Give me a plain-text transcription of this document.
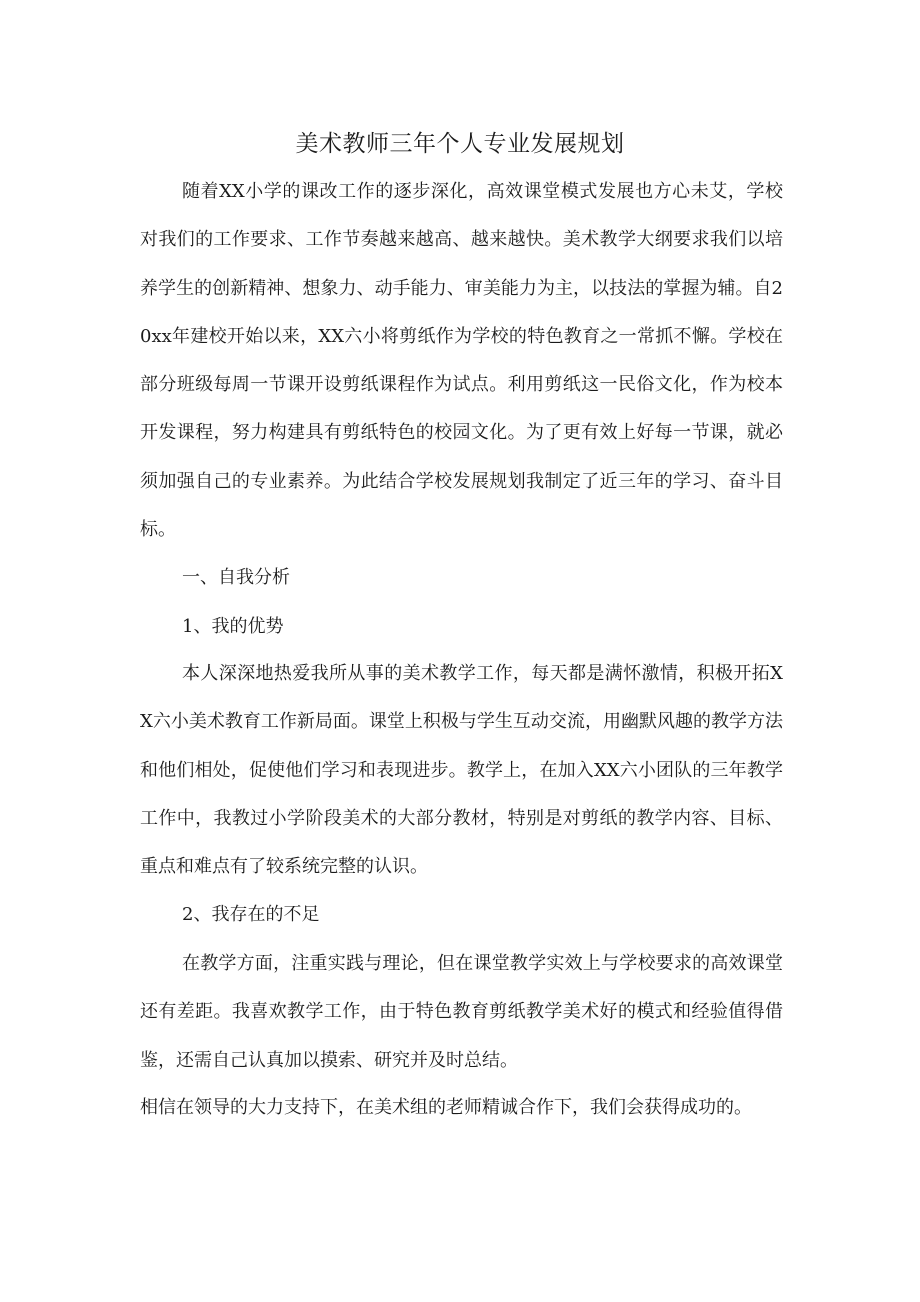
美术教师三年个人专业发展规划

随着XX小学的课改工作的逐步深化，高效课堂模式发展也方心未艾，学校对我们的工作要求、工作节奏越来越高、越来越快。美术教学大纲要求我们以培养学生的创新精神、想象力、动手能力、审美能力为主，以技法的掌握为辅。自20xx年建校开始以来，XX六小将剪纸作为学校的特色教育之一常抓不懈。学校在部分班级每周一节课开设剪纸课程作为试点。利用剪纸这一民俗文化，作为校本开发课程，努力构建具有剪纸特色的校园文化。为了更有效上好每一节课，就必须加强自己的专业素养。为此结合学校发展规划我制定了近三年的学习、奋斗目标。

一、自我分析
1、我的优势

本人深深地热爱我所从事的美术教学工作，每天都是满怀激情，积极开拓XX六小美术教育工作新局面。课堂上积极与学生互动交流，用幽默风趣的教学方法和他们相处，促使他们学习和表现进步。教学上，在加入XX六小团队的三年教学工作中，我教过小学阶段美术的大部分教材，特别是对剪纸的教学内容、目标、重点和难点有了较系统完整的认识。

2、我存在的不足

在教学方面，注重实践与理论，但在课堂教学实效上与学校要求的高效课堂还有差距。我喜欢教学工作，由于特色教育剪纸教学美术好的模式和经验值得借鉴，还需自己认真加以摸索、研究并及时总结。

相信在领导的大力支持下，在美术组的老师精诚合作下，我们会获得成功的。
